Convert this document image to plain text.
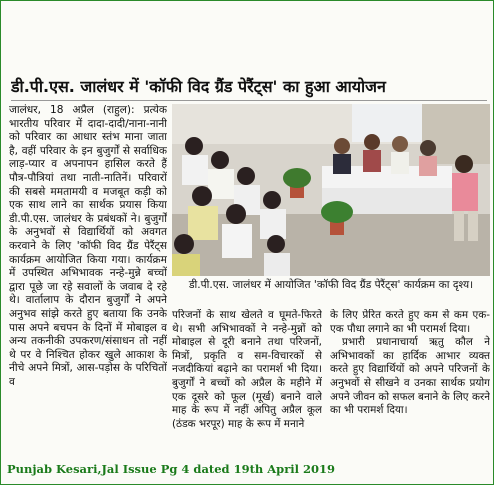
डी.पी.एस. जालंधर में 'कॉफी विद ग्रैंड पेरैंट्स' का हुआ आयोजन

जालंधर, 18 अप्रैल (राहुल): प्रत्येक भारतीय परिवार में दादा-दादी/नाना-नानी को परिवार का आधार स्तंभ माना जाता है, वहीं परिवार के इन बुजुर्गों से सर्वाधिक लाड़-प्यार व अपनापन हासिल करते हैं पौत्र-पौत्रियां तथा नाती-नातिनें। परिवारों की सबसे ममतामयी व मजबूत कड़ी को एक साथ लाने का सार्थक प्रयास किया डी.पी.एस. जालंधर के प्रबंधकों ने। बुजुर्गों के अनुभवों से विद्यार्थियों को अवगत करवाने के लिए 'कॉफी विद ग्रैंड पेरैंट्स कार्यक्रम आयोजित किया गया। कार्यक्रम में उपस्थित अभिभावक नन्हे-मुन्ने बच्चों द्वारा पूछे जा रहे सवालों के जवाब दे रहे थे। वार्तालाप के दौरान बुजुर्गों ने अपने अनुभव सांझे करते हुए बताया कि उनके पास अपने बचपन के दिनों में मोबाइल व अन्य तकनीकी उपकरण/संसाधन तो नहीं थे पर वे निश्चित होकर खुले आकाश के नीचे अपने मित्रों, आस-पड़ोस के परिचितों व

डी.पी.एस. जालंधर में आयोजित 'कॉफी विद ग्रैंड पेरैंट्स' कार्यक्रम का दृश्य।

परिजनों के साथ खेलते व घूमते-फिरते थे। सभी अभिभावकों ने नन्हे-मुन्नों को मोबाइल से दूरी बनाने तथा परिजनों, मित्रों, प्रकृति व सम-विचारकों से नजदीकियां बढ़ाने का परामर्श भी दिया। बुजुर्गों ने बच्चों को अप्रैल के महीने में एक दूसरे को फूल (मूर्ख) बनाने वाले माह के रूप में नहीं अपितु अप्रैल कूल (ठंडक भरपूर) माह के रूप में मनाने

के लिए प्रेरित करते हुए कम से कम एक-एक पौधा लगाने का भी परामर्श दिया।

प्रभारी प्रधानाचार्या ऋतु कौल ने अभिभावकों का हार्दिक आभार व्यक्त करते हुए विद्यार्थियों को अपने परिजनों के अनुभवों से सीखने व उनका सार्थक प्रयोग अपने जीवन को सफल बनाने के लिए करने का भी परामर्श दिया।

Punjab Kesari,Jal Issue Pg 4 dated 19th April 2019
